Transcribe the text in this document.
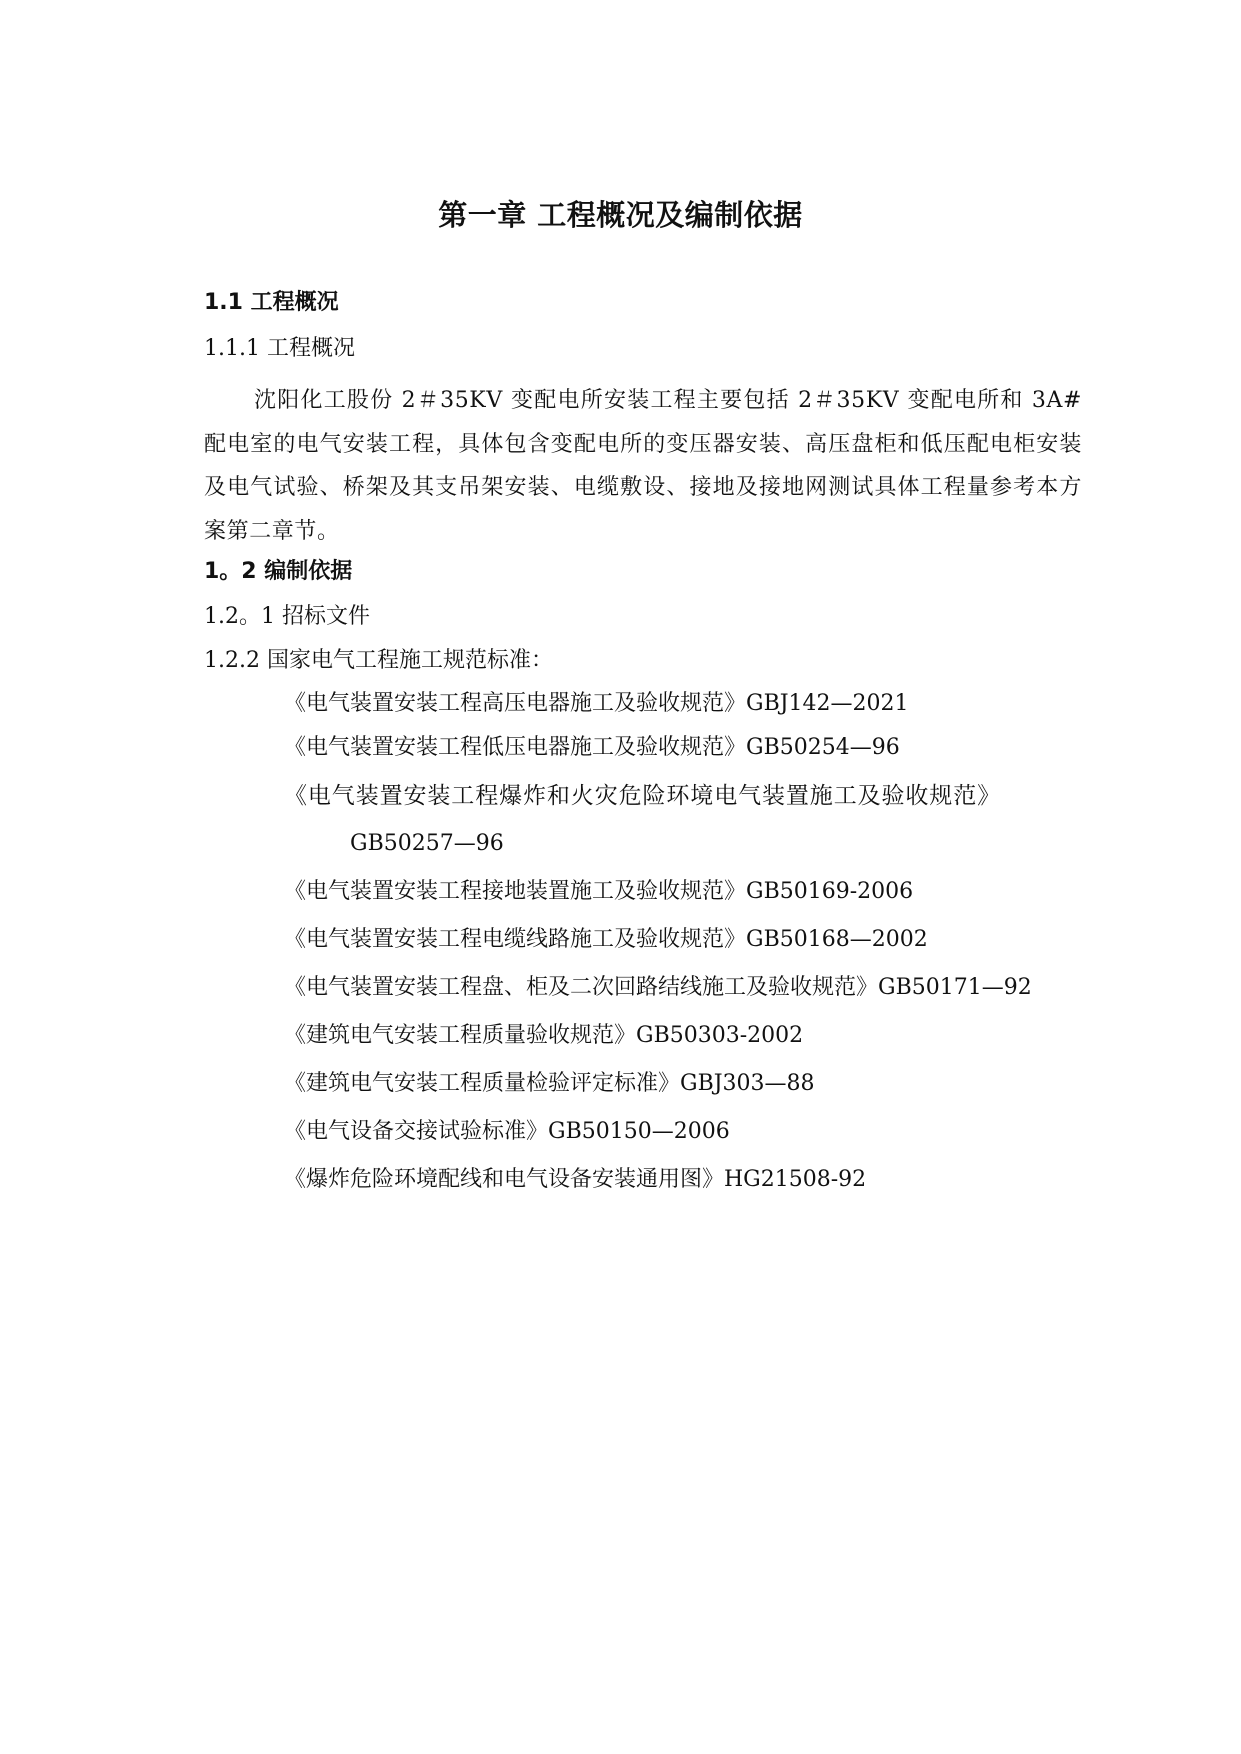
第一章 工程概况及编制依据
1.1 工程概况
1.1.1 工程概况
沈阳化工股份 2＃35KV 变配电所安装工程主要包括 2＃35KV 变配电所和 3A#配电室的电气安装工程，具体包含变配电所的变压器安装、高压盘柜和低压配电柜安装及电气试验、桥架及其支吊架安装、电缆敷设、接地及接地网测试具体工程量参考本方案第二章节。
1。2 编制依据
1.2。1 招标文件
1.2.2 国家电气工程施工规范标准：
《电气装置安装工程高压电器施工及验收规范》GBJ142—2021
《电气装置安装工程低压电器施工及验收规范》GB50254—96
《电气装置安装工程爆炸和火灾危险环境电气装置施工及验收规范》
GB50257—96
《电气装置安装工程接地装置施工及验收规范》GB50169-2006
《电气装置安装工程电缆线路施工及验收规范》GB50168—2002
《电气装置安装工程盘、柜及二次回路结线施工及验收规范》GB50171—92
《建筑电气安装工程质量验收规范》GB50303-2002
《建筑电气安装工程质量检验评定标准》GBJ303—88
《电气设备交接试验标准》GB50150—2006
《爆炸危险环境配线和电气设备安装通用图》HG21508-92
